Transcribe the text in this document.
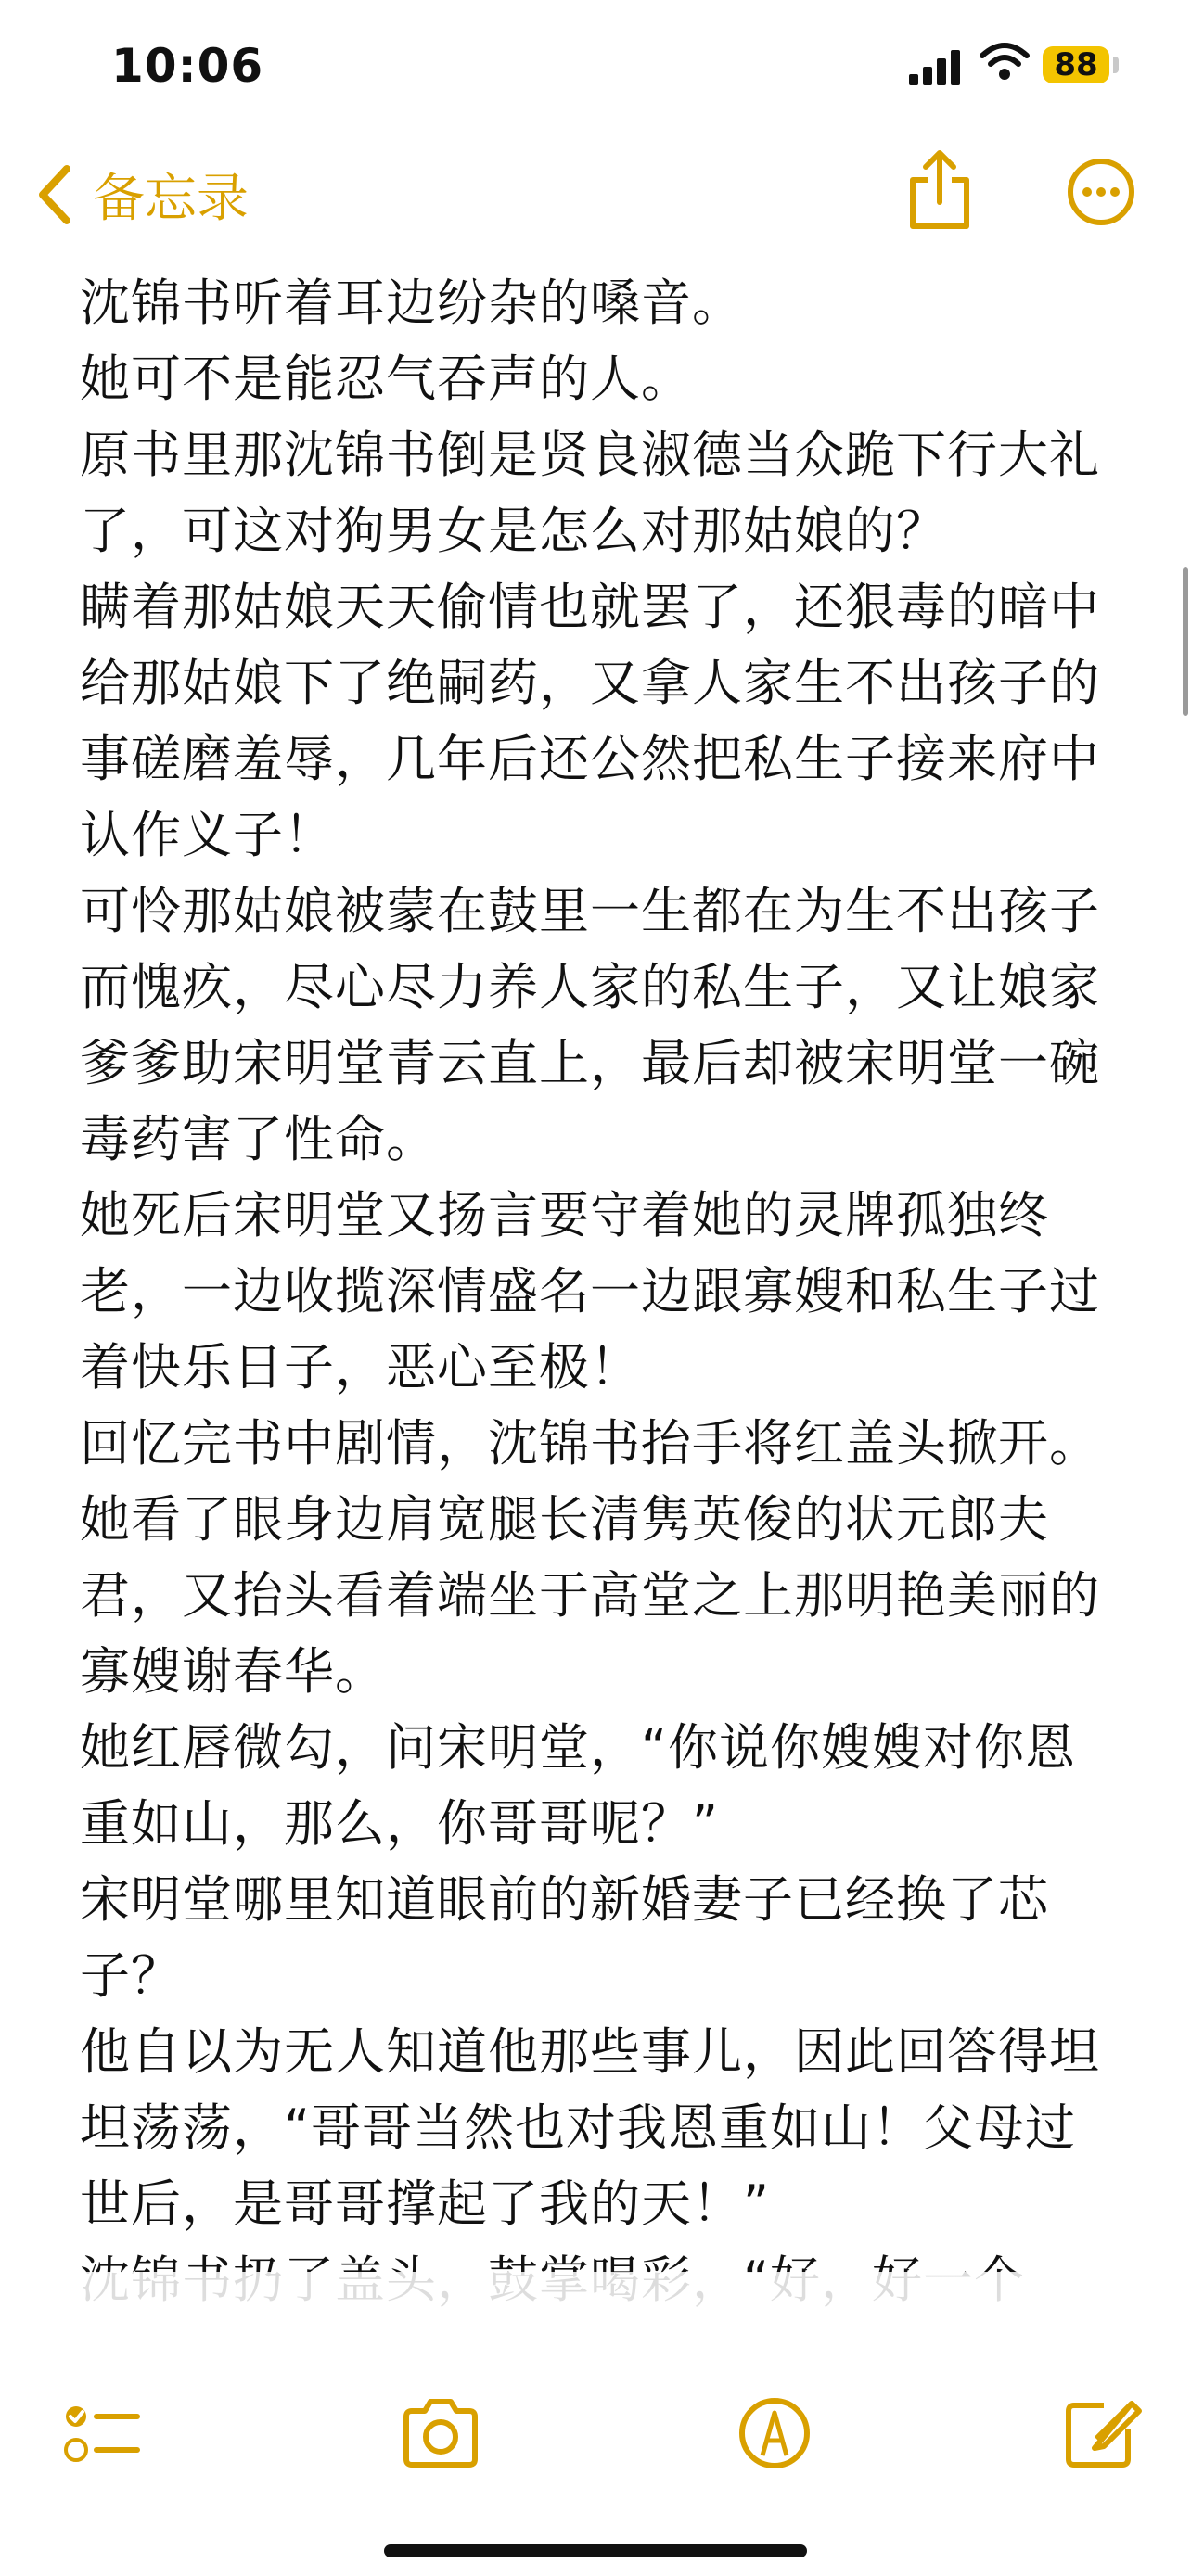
10:06	88
备忘录

沈锦书听着耳边纷杂的嗓音。

她可不是能忍气吞声的人。

原书里那沈锦书倒是贤良淑德当众跪下行大礼了，可这对狗男女是怎么对那姑娘的？

瞒着那姑娘天天偷情也就罢了，还狠毒的暗中给那姑娘下了绝嗣药，又拿人家生不出孩子的事磋磨羞辱，几年后还公然把私生子接来府中认作义子！

可怜那姑娘被蒙在鼓里一生都在为生不出孩子而愧疚，尽心尽力养人家的私生子，又让娘家爹爹助宋明堂青云直上，最后却被宋明堂一碗毒药害了性命。

她死后宋明堂又扬言要守着她的灵牌孤独终老，一边收揽深情盛名一边跟寡嫂和私生子过着快乐日子，恶心至极！

回忆完书中剧情，沈锦书抬手将红盖头掀开。

她看了眼身边肩宽腿长清隽英俊的状元郎夫君，又抬头看着端坐于高堂之上那明艳美丽的寡嫂谢春华。

她红唇微勾，问宋明堂，“你说你嫂嫂对你恩重如山，那么，你哥哥呢？”

宋明堂哪里知道眼前的新婚妻子已经换了芯子？

他自以为无人知道他那些事儿，因此回答得坦坦荡荡，“哥哥当然也对我恩重如山！父母过世后，是哥哥撑起了我的天！”
